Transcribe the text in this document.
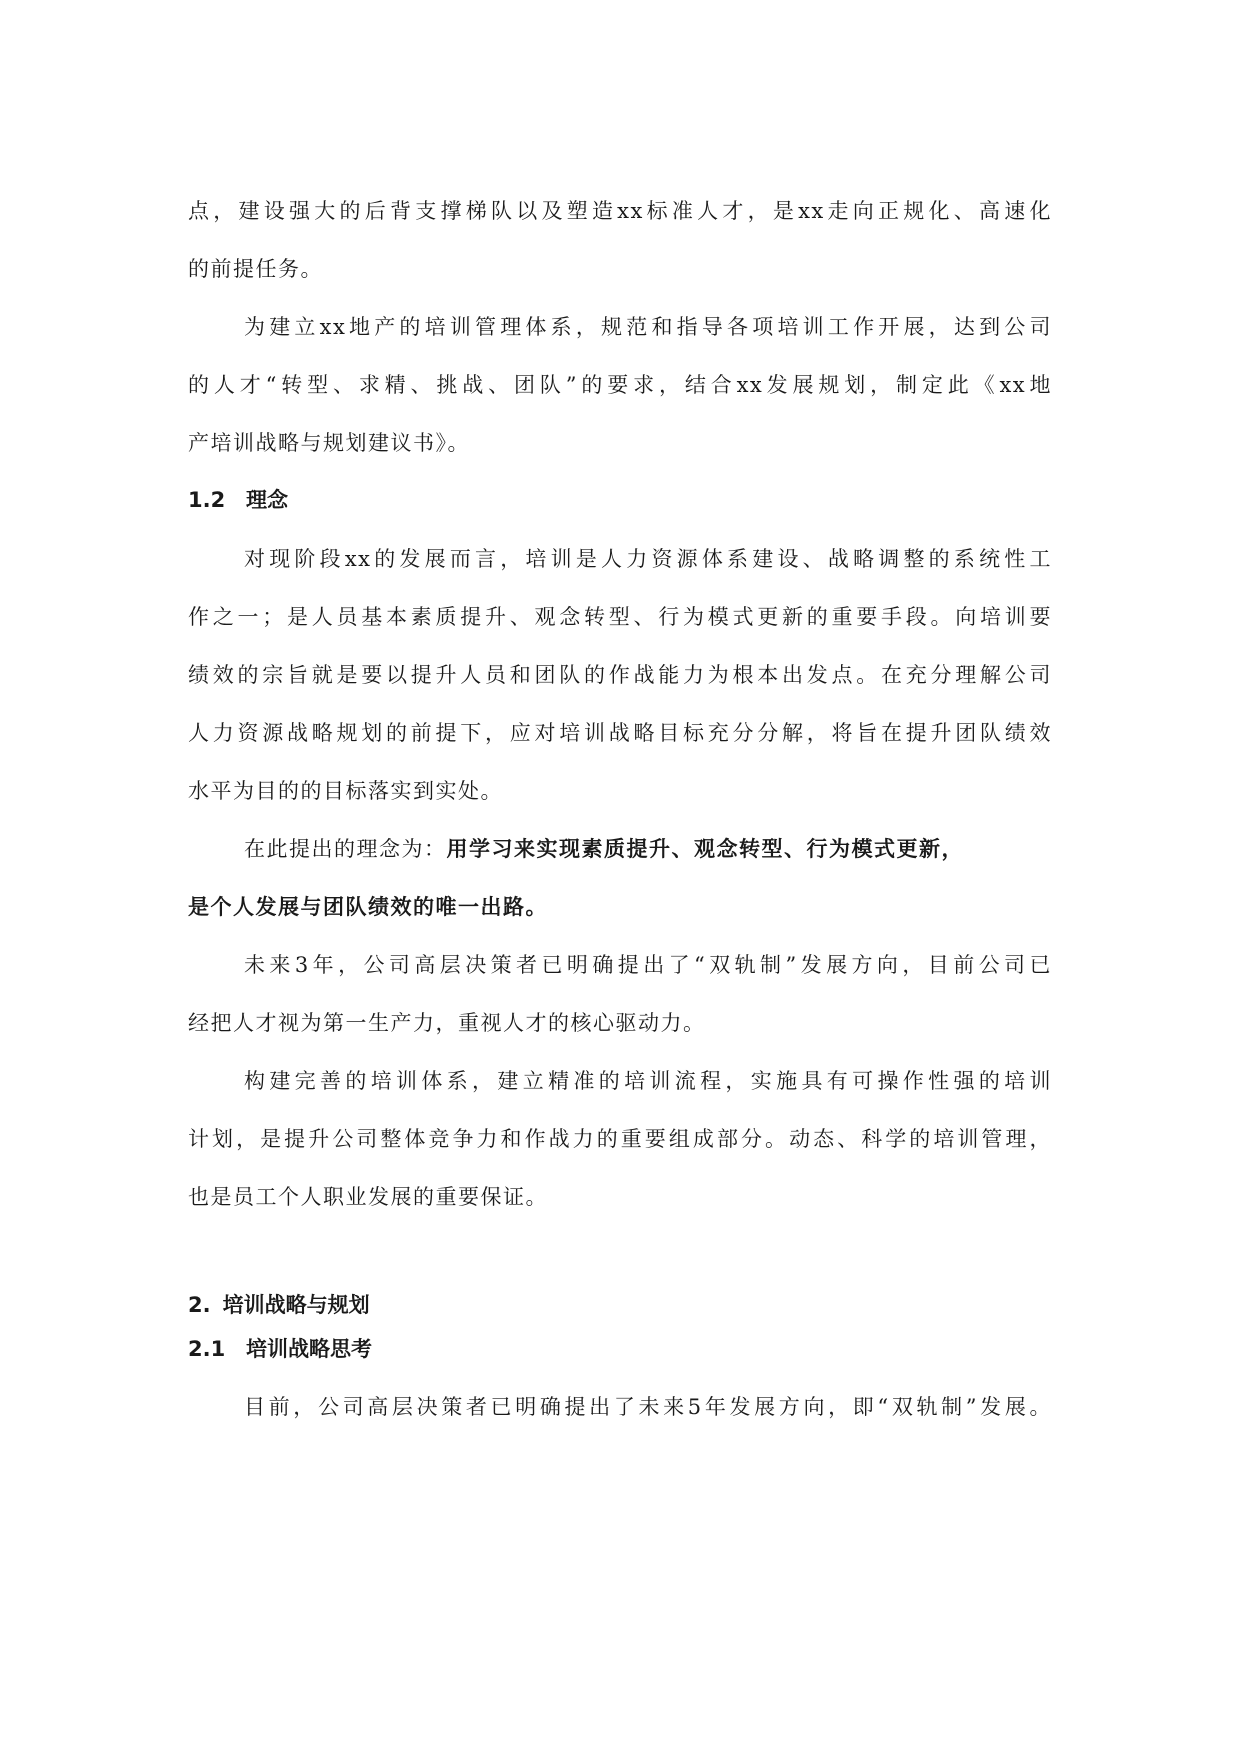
点，建设强大的后背支撑梯队以及塑造xx标准人才，是xx走向正规化、高速化
的前提任务。
为建立xx地产的培训管理体系，规范和指导各项培训工作开展，达到公司
的人才“转型、求精、挑战、团队”的要求，结合xx发展规划，制定此《xx地
产培训战略与规划建议书》。
1.2 理念
对现阶段xx的发展而言，培训是人力资源体系建设、战略调整的系统性工
作之一；是人员基本素质提升、观念转型、行为模式更新的重要手段。向培训要
绩效的宗旨就是要以提升人员和团队的作战能力为根本出发点。在充分理解公司
人力资源战略规划的前提下，应对培训战略目标充分分解，将旨在提升团队绩效
水平为目的的目标落实到实处。
在此提出的理念为：用学习来实现素质提升、观念转型、行为模式更新，
是个人发展与团队绩效的唯一出路。
未来3年，公司高层决策者已明确提出了“双轨制”发展方向，目前公司已
经把人才视为第一生产力，重视人才的核心驱动力。
构建完善的培训体系，建立精准的培训流程，实施具有可操作性强的培训
计划，是提升公司整体竞争力和作战力的重要组成部分。动态、科学的培训管理，
也是员工个人职业发展的重要保证。
2. 培训战略与规划
2.1 培训战略思考
目前，公司高层决策者已明确提出了未来5年发展方向，即“双轨制”发展。
